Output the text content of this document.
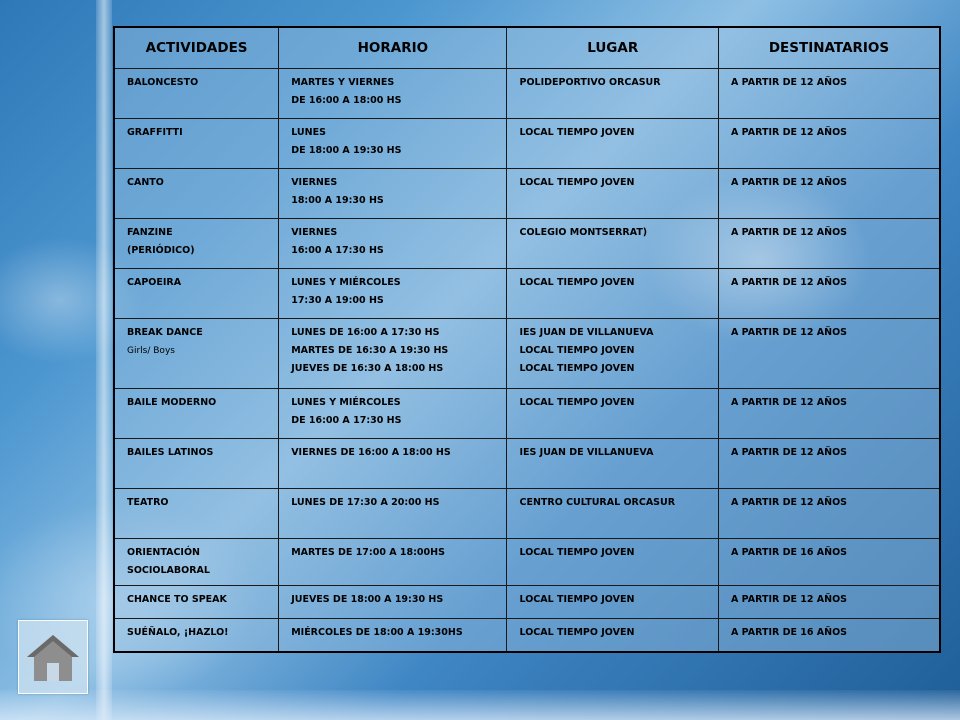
ACTIVIDADES	HORARIO	LUGAR	DESTINATARIOS

BALONCESTO	MARTES Y VIERNES
DE 16:00 A 18:00 HS	POLIDEPORTIVO ORCASUR	A PARTIR DE 12 AÑOS

GRAFFITTI	LUNES
DE 18:00 A 19:30 HS	LOCAL TIEMPO JOVEN	A PARTIR DE 12 AÑOS

CANTO	VIERNES
18:00 A 19:30 HS	LOCAL TIEMPO JOVEN	A PARTIR DE 12 AÑOS

FANZINE
(PERIÓDICO)	VIERNES
16:00 A 17:30 HS	COLEGIO MONTSERRAT)	A PARTIR DE 12 AÑOS

CAPOEIRA	LUNES Y MIÉRCOLES
17:30 A 19:00 HS	LOCAL TIEMPO JOVEN	A PARTIR DE 12 AÑOS

BREAK DANCE
Girls/ Boys	LUNES DE 16:00 A 17:30 HS
MARTES DE 16:30 A 19:30 HS
JUEVES DE 16:30 A 18:00 HS	IES JUAN DE VILLANUEVA
LOCAL TIEMPO JOVEN
LOCAL TIEMPO JOVEN	A PARTIR DE 12 AÑOS

BAILE MODERNO	LUNES Y MIÉRCOLES
DE 16:00 A 17:30 HS	LOCAL TIEMPO JOVEN	A PARTIR DE 12 AÑOS

BAILES LATINOS	VIERNES DE 16:00 A 18:00 HS	IES JUAN DE VILLANUEVA	A PARTIR DE 12 AÑOS

TEATRO	LUNES DE 17:30 A 20:00 HS	CENTRO CULTURAL ORCASUR	A PARTIR DE 12 AÑOS

ORIENTACIÓN SOCIOLABORAL	MARTES DE 17:00 A 18:00HS	LOCAL TIEMPO JOVEN	A PARTIR DE 16 AÑOS

CHANCE TO SPEAK	JUEVES DE 18:00 A 19:30 HS	LOCAL TIEMPO JOVEN	A PARTIR DE 12 AÑOS

SUÉÑALO, ¡HAZLO!	MIÉRCOLES DE 18:00 A 19:30HS	LOCAL TIEMPO JOVEN	A PARTIR DE 16 AÑOS
